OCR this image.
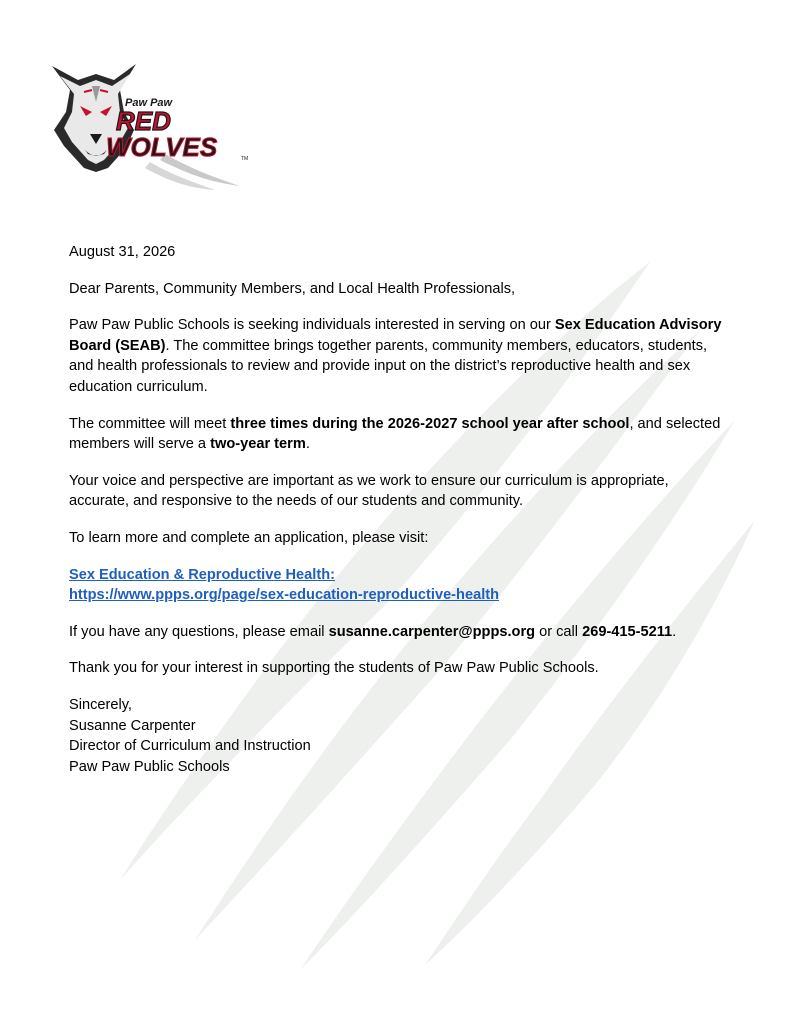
Paw Paw
RED
WOLVES	TM

August 31, 2026

Dear Parents, Community Members, and Local Health Professionals,

Paw Paw Public Schools is seeking individuals interested in serving on our Sex Education Advisory Board (SEAB). The committee brings together parents, community members, educators, students, and health professionals to review and provide input on the district’s reproductive health and sex education curriculum.

The committee will meet three times during the 2026-2027 school year after school, and selected members will serve a two-year term.

Your voice and perspective are important as we work to ensure our curriculum is appropriate, accurate, and responsive to the needs of our students and community.

To learn more and complete an application, please visit:

Sex Education & Reproductive Health:
https://www.ppps.org/page/sex-education-reproductive-health

If you have any questions, please email susanne.carpenter@ppps.org or call 269-415-5211.

Thank you for your interest in supporting the students of Paw Paw Public Schools.

Sincerely,
Susanne Carpenter
Director of Curriculum and Instruction
Paw Paw Public Schools
